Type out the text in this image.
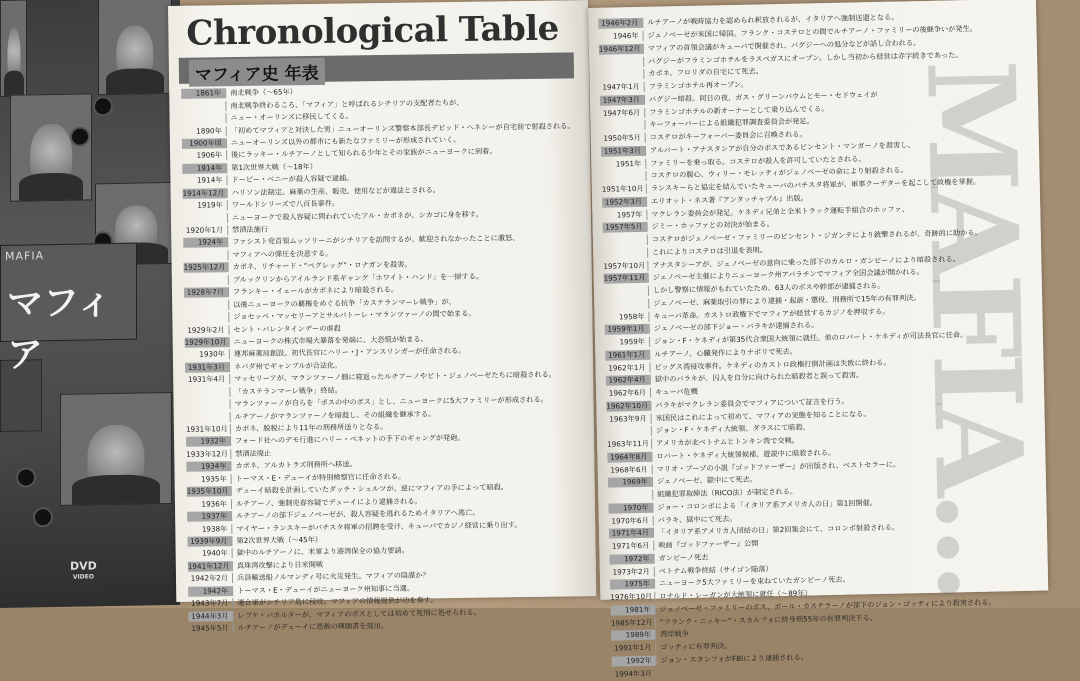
MAFIA
マフィア
DVD
VIDEO
Chronological Table
マフィア史 年表
1861年	南北戦争（～65年）
南北戦争終わるころ、「マフィア」と呼ばれるシチリアの支配者たちが、
ニュー・オーリンズに移民してくる。
1890年	「初めてマフィアと対決した男」ニューオーリンズ警察本部長デビッド・ヘネシーが自宅前で射殺される。
1900年頃	ニューオーリンズ以外の都市にも新たなファミリーが形成されていく。
1906年	後にラッキー・ルチアーノとして知られる少年とその家族がニューヨークに到着。
1914年	第1次世界大戦（～18年）
1914年	ドーピー・ベニーが殺人容疑で逮捕。
1914年12月 ハリソン法制定。麻薬の生産、販売、使用などが違法とされる。
1919年	ワールドシリーズで八百長事件。
ニューヨークで殺人容疑に問われていたアル・カポネが、シカゴに身を移す。
1920年1月	禁酒法施行
1924年	ファシスト党首領ムッソリーニがシチリアを訪問するが、歓迎されなかったことに激怒、
マフィアへの弾圧を決意する。
1925年12月 カポネ、リチャード・“ペグレッグ”・ロナガンを殺害。
ブルックリンからアイルランド系ギャング「ホワイト・ハンド」を一掃する。
1928年7月	フランキー・イェールがカポネにより暗殺される。
以後ニューヨークの覇権をめぐる抗争「カステランマーレ戦争」が、
ジョセッペ・マッセリーアとサルバトーレ・マランツァーノの間で始まる。
1929年2月	セント・バレンタインデーの虐殺
1929年10月 ニューヨークの株式市場大暴落を発端に、大恐慌が始まる。
1930年	連邦麻薬局創設。初代長官にハリー・J・アンスリンガーが任命される。
1931年3月	ネバダ州でギャンブルが合法化。
1931年4月	マッセリーアが、マランツァーノ側に寝返ったルチアーノやビト・ジェノベーゼたちに暗殺される。
「カステランマーレ戦争」終結。
マランツァーノが自らを「ボスの中のボス」とし、ニューヨークに5大ファミリーが形成される。
ルチアーノがマランツァーノを暗殺し、その組織を継承する。
1931年10月 カポネ、脱税により11年の刑務所送りとなる。
1932年	フォード社へのデモ行進にハリー・ベネットの手下のギャングが発砲。
1933年12月 禁酒法廃止
1934年	カポネ、アルカトラズ刑務所へ移送。
1935年	トーマス・E・デューイが特別検察官に任命される。
1935年10月 デューイ暗殺を計画していたダッチ・シュルツが、逆にマフィアの手によって暗殺。
1936年	ルチアーノ、強制売春容疑でデューイにより逮捕される。
1937年	ルチアーノの部下ジェノベーゼが、殺人容疑を逃れるためイタリアへ逃亡。
1938年	マイヤー・ランスキーがバチスタ将軍の招聘を受け、キューバでカジノ経営に乗り出す。
1939年9月	第2次世界大戦（～45年）
1940年	獄中のルチアーノに、米軍より港湾保全の協力要請。
1941年12月 真珠湾攻撃により日米開戦
1942年2月	兵員輸送船ノルマンディ号に火災発生。マフィアの陰謀か？
1942年	トーマス・E・デューイがニューヨーク州知事に当選。
1943年7月	連合軍がシチリア島に侵攻。マフィアの情報提供が功を奏す。
1944年3月	レプケ・バカルターが、マフィアのボスとしては初めて死刑に処せられる。
1945年5月	ルチアーノがデューイに恩赦の嘆願書を提出。
MAFIA...
1946年2月	ルチアーノが戦時協力を認められ釈放されるが、イタリアへ強制送還となる。
1946年	ジェノベーゼが米国に帰国。フランク・コステロとの間でルチアーノ・ファミリーの後継争いが発生。
1946年12月 マフィアの首領会議がキューバで開催され、バグジーへの処分などが話し合われる。
バグジーがフラミンゴホテルをラスベガスにオープン。しかし当初から経営は赤字続きであった。
カポネ、フロリダの自宅にて死去。
1947年1月	フラミンゴホテル再オープン。
1947年3月	バグジー暗殺。同日の夜、ガス・グリーンバウムとモー・セドウェイが
1947年6月	フラミンゴホテルの新オーナーとして乗り込んでくる。
キーフォーバーによる組織犯罪調査委員会が発足。
1950年5月	コステロがキーフォーバー委員会に召喚される。
1951年3月	アルバート・アナスタシアが自分のボスであるビンセント・マンガーノを殺害し、
1951年	ファミリーを乗っ取る。コステロが殺人を許可していたとされる。
コステロの腹心、ウィリー・モレッティがジェノベーゼの命により射殺される。
1951年10月 ランスキーらと協定を結んでいたキューバのバチスタ将軍が、軍事クーデターを起こして政権を掌握。
1952年3月	エリオット・ネス著『アンタッチャブル』出版。
1957年	マクレラン委員会が発足。ケネディ兄弟と全米トラック運転手組合のホッファ、
1957年5月	ジミー・ホッファとの対決が始まる。
コステロがジェノベーゼ・ファミリーのビンセント・ジガンテにより銃撃されるが、奇跡的に助かる。
これによりコステロは引退を表明。
1957年10月 アナスタシーアが、ジェノベーゼの意向に乗った部下のカルロ・ガンビーノにより暗殺される。
1957年11月 ジェノベーゼ主催によりニューヨーク州アパラチンでマフィア全国会議が開かれる。
しかし警察に情報がもれていたため、63人のボスや幹部が逮捕される。
ジェノベーゼ、麻薬取引の罪により逮捕・起訴・懲役、刑務所で15年の有罪判決。
1958年	キューバ革命。カストロ政権下でマフィアが経営するカジノを押収する。
1959年1月	ジェノベーゼの部下ジョー・バラキが逮捕される。
1959年	ジョン・F・ケネディが第35代合衆国大統領に就任。弟のロバート・ケネディが司法長官に任命。
1961年1月	ルチアーノ、心臓発作によりナポリで死去。
1962年1月	ピッグス湾侵攻事件。ケネディのカストロ政権打倒計画は失敗に終わる。
1962年4月	獄中のバラキが、囚人を自分に向けられた暗殺者と誤って殺害。
1962年6月	キューバ危機
1962年10月 バラキがマクレラン委員会でマフィアについて証言を行う。
1963年9月	米国民はこれによって初めて、マフィアの実態を知ることになる。
ジョン・F・ケネディ大統領、ダラスにて暗殺。
1963年11月 アメリカが北ベトナムとトンキン湾で交戦。
1964年8月	ロバート・ケネディ大統領候補、遊説中に暗殺される。
1968年6月	マリオ・プーゾの小説『ゴッドファーザー』が出版され、ベストセラーに。
1969年	ジェノベーゼ、獄中にて死去。
組織犯罪取締法（RICO法）が制定される。
1970年	ジョー・コロンボによる「イタリア系アメリカ人の日」第1回開催。
1970年6月	バラキ、獄中にて死去。
1971年4月	「イタリア系アメリカ人団結の日」第2回集会にて、コロンボ射殺される。
1971年6月	映画『ゴッドファーザー』公開
1972年	ガンビーノ死去
1973年2月	ベトナム戦争終結（サイゴン陥落）
1975年	ニューヨーク5大ファミリーを束ねていたガンビーノ死去。
1976年10月 ロナルド・レーガンが大統領に就任（～89年）
1981年	ジェノベーゼ・ファミリーのボス、ポール・カステラーノが部下のジョン・ゴッティにより殺害される。
1985年12月 “フランク・ニッキー”・スカルフォに終身刑55年の有罪判決下る。
1989年	湾岸戦争
1991年1月	ゴッティに有罪判決。
1992年	ジョン・スタンフォがFBIにより逮捕される。
1994年3月
